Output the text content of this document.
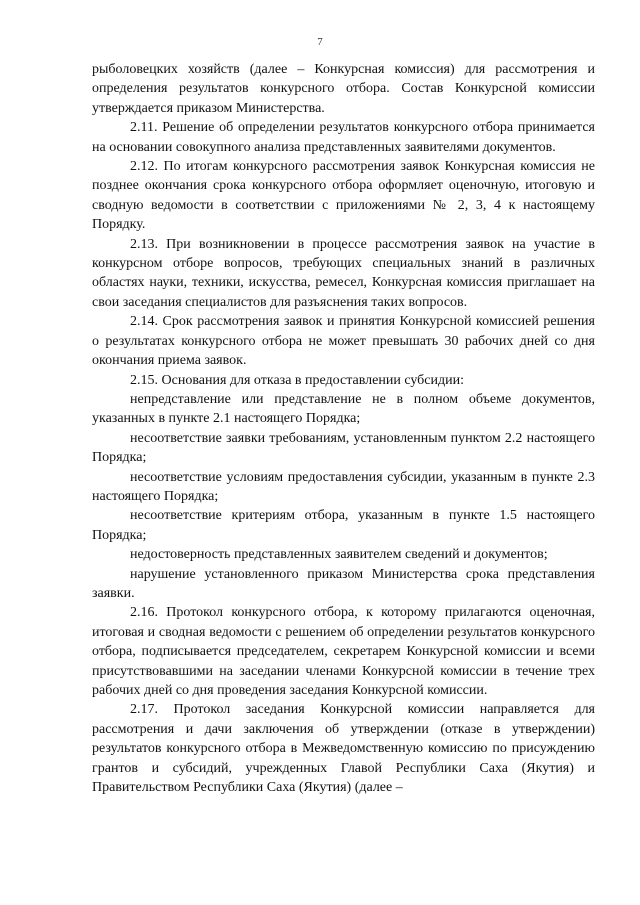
7

рыболовецких хозяйств (далее – Конкурсная комиссия) для рассмотрения и определения результатов конкурсного отбора. Состав Конкурсной комиссии утверждается приказом Министерства.

2.11. Решение об определении результатов конкурсного отбора принимается на основании совокупного анализа представленных заявителями документов.

2.12. По итогам конкурсного рассмотрения заявок Конкурсная комиссия не позднее окончания срока конкурсного отбора оформляет оценочную, итоговую и сводную ведомости в соответствии с приложениями № 2, 3, 4 к настоящему Порядку.

2.13. При возникновении в процессе рассмотрения заявок на участие в конкурсном отборе вопросов, требующих специальных знаний в различных областях науки, техники, искусства, ремесел, Конкурсная комиссия приглашает на свои заседания специалистов для разъяснения таких вопросов.

2.14. Срок рассмотрения заявок и принятия Конкурсной комиссией решения о результатах конкурсного отбора не может превышать 30 рабочих дней со дня окончания приема заявок.

2.15. Основания для отказа в предоставлении субсидии:

непредставление или представление не в полном объеме документов, указанных в пункте 2.1 настоящего Порядка;

несоответствие заявки требованиям, установленным пунктом 2.2 настоящего Порядка;

несоответствие условиям предоставления субсидии, указанным в пункте 2.3 настоящего Порядка;

несоответствие критериям отбора, указанным в пункте 1.5 настоящего Порядка;

недостоверность представленных заявителем сведений и документов;

нарушение установленного приказом Министерства срока представления заявки.

2.16. Протокол конкурсного отбора, к которому прилагаются оценочная, итоговая и сводная ведомости с решением об определении результатов конкурсного отбора, подписывается председателем, секретарем Конкурсной комиссии и всеми присутствовавшими на заседании членами Конкурсной комиссии в течение трех рабочих дней со дня проведения заседания Конкурсной комиссии.

2.17. Протокол заседания Конкурсной комиссии направляется для рассмотрения и дачи заключения об утверждении (отказе в утверждении) результатов конкурсного отбора в Межведомственную комиссию по присуждению грантов и субсидий, учрежденных Главой Республики Саха (Якутия) и Правительством Республики Саха (Якутия) (далее –
